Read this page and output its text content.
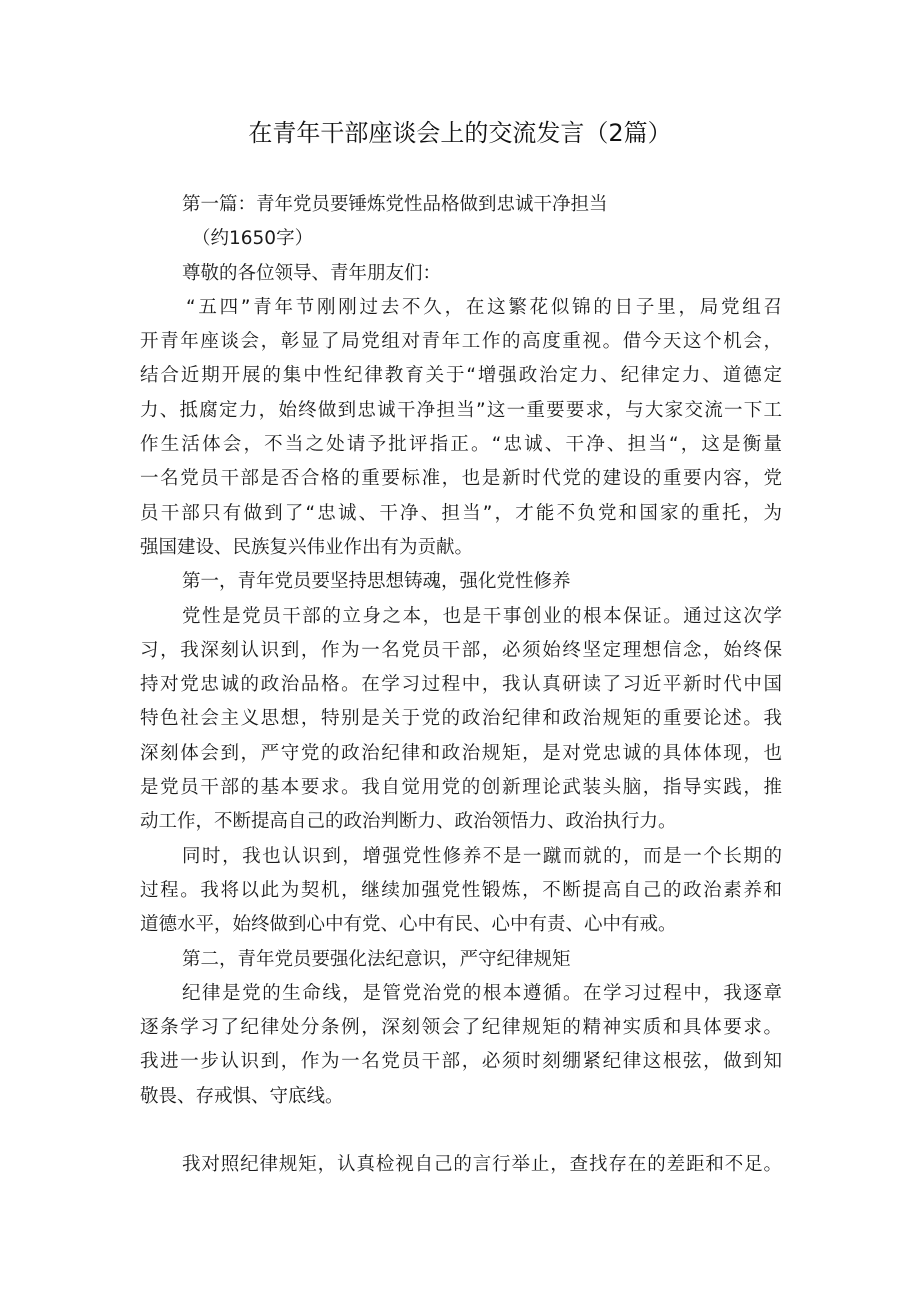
在青年干部座谈会上的交流发言（2篇）
第一篇：青年党员要锤炼党性品格做到忠诚干净担当
（约1650字）
尊敬的各位领导、青年朋友们：
“五四”青年节刚刚过去不久，在这繁花似锦的日子里，局党组召
开青年座谈会，彰显了局党组对青年工作的高度重视。借今天这个机会，
结合近期开展的集中性纪律教育关于“增强政治定力、纪律定力、道德定
力、抵腐定力，始终做到忠诚干净担当”这一重要要求，与大家交流一下工
作生活体会，不当之处请予批评指正。“忠诚、干净、担当“，这是衡量
一名党员干部是否合格的重要标准，也是新时代党的建设的重要内容，党
员干部只有做到了“忠诚、干净、担当”，才能不负党和国家的重托，为
强国建设、民族复兴伟业作出有为贡献。
第一，青年党员要坚持思想铸魂，强化党性修养
党性是党员干部的立身之本，也是干事创业的根本保证。通过这次学
习，我深刻认识到，作为一名党员干部，必须始终坚定理想信念，始终保
持对党忠诚的政治品格。在学习过程中，我认真研读了习近平新时代中国
特色社会主义思想，特别是关于党的政治纪律和政治规矩的重要论述。我
深刻体会到，严守党的政治纪律和政治规矩，是对党忠诚的具体体现，也
是党员干部的基本要求。我自觉用党的创新理论武装头脑，指导实践，推
动工作，不断提高自己的政治判断力、政治领悟力、政治执行力。
同时，我也认识到，增强党性修养不是一蹴而就的，而是一个长期的
过程。我将以此为契机，继续加强党性锻炼，不断提高自己的政治素养和
道德水平，始终做到心中有党、心中有民、心中有责、心中有戒。
第二，青年党员要强化法纪意识，严守纪律规矩
纪律是党的生命线，是管党治党的根本遵循。在学习过程中，我逐章
逐条学习了纪律处分条例，深刻领会了纪律规矩的精神实质和具体要求。
我进一步认识到，作为一名党员干部，必须时刻绷紧纪律这根弦，做到知
敬畏、存戒惧、守底线。
我对照纪律规矩，认真检视自己的言行举止，查找存在的差距和不足。
